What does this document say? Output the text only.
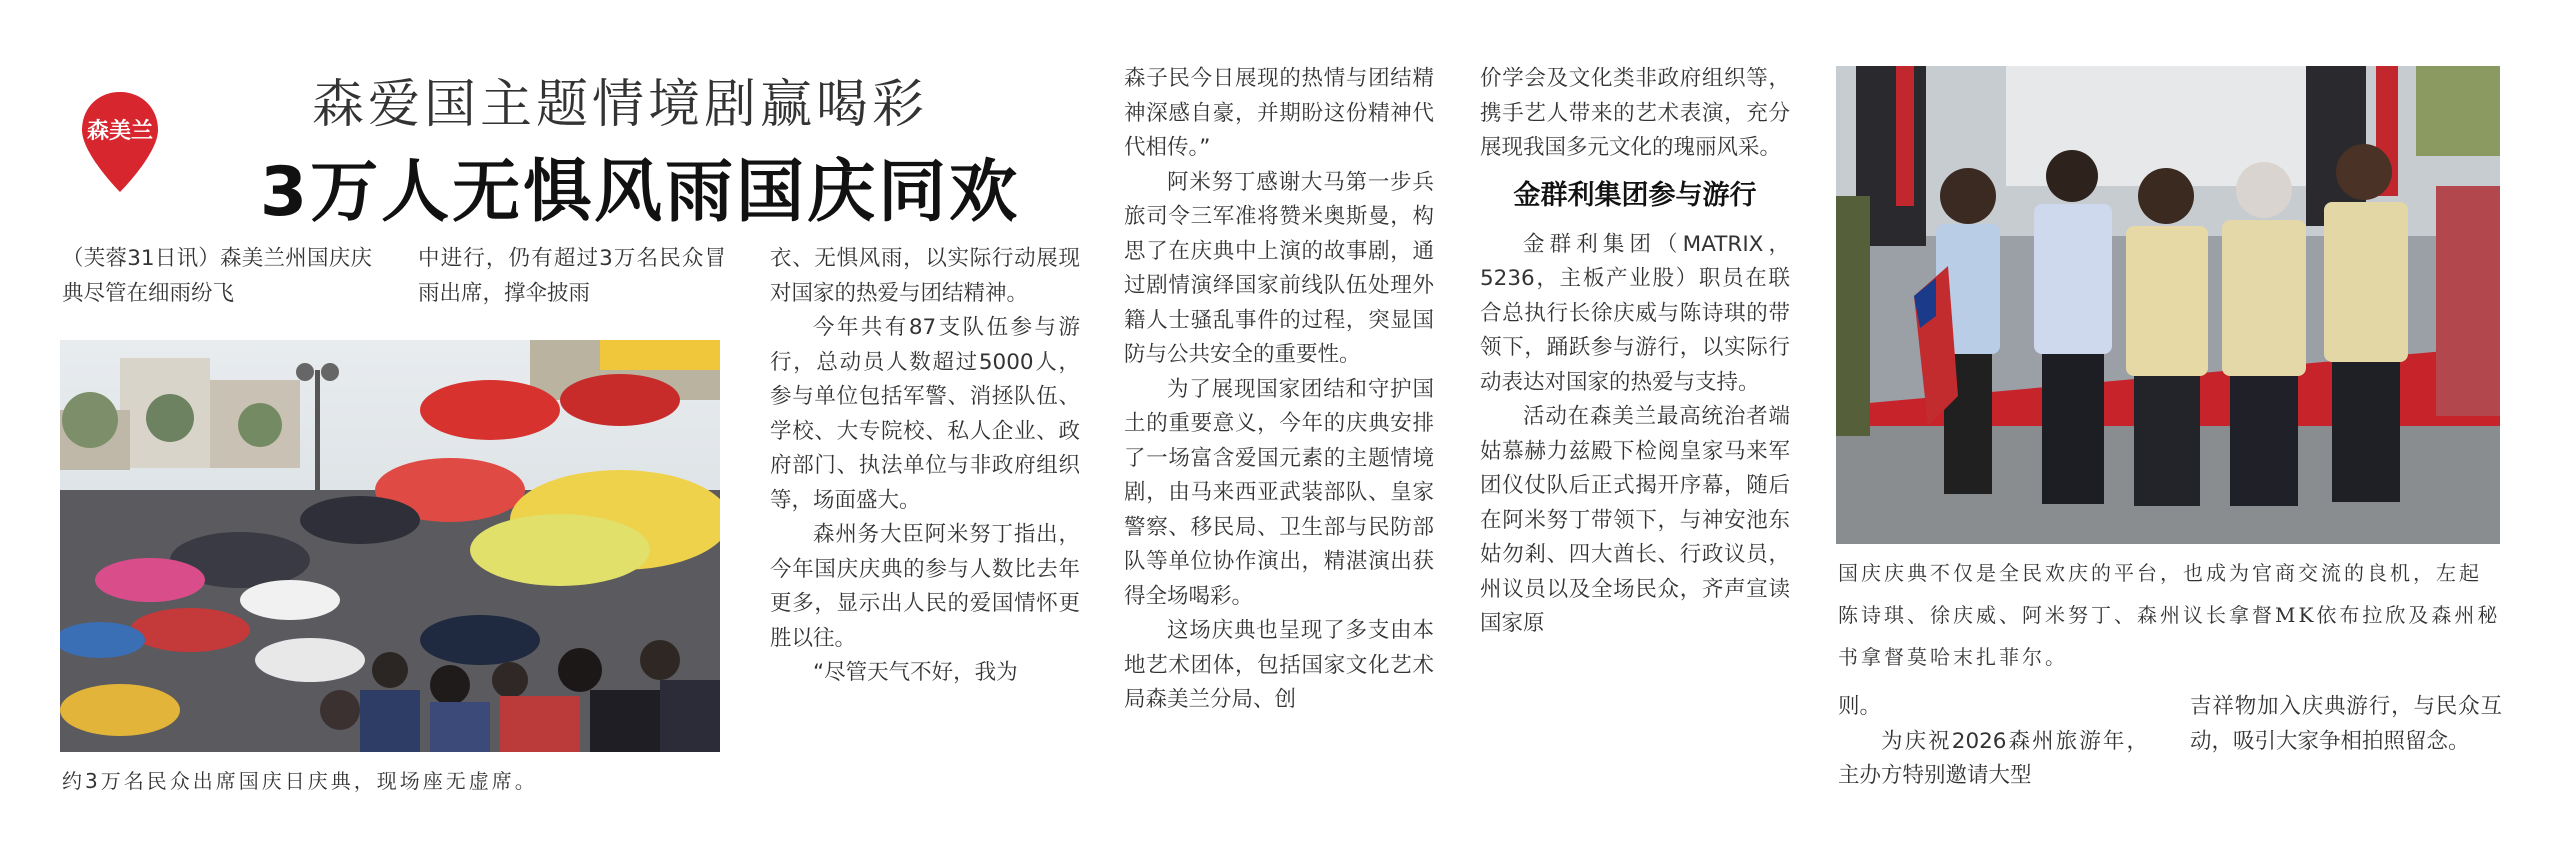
森美兰	森爱国主题情境剧赢喝彩
3万人无惧风雨国庆同欢

（芙蓉31日讯）森美兰州国庆庆典尽管在细雨纷飞

中进行，仍有超过3万名民众冒雨出席，撑伞披雨

约3万名民众出席国庆日庆典，现场座无虚席。

衣、无惧风雨，以实际行动展现对国家的热爱与团结精神。

今年共有87支队伍参与游行，总动员人数超过5000人，参与单位包括军警、消拯队伍、学校、大专院校、私人企业、政府部门、执法单位与非政府组织等，场面盛大。

森州务大臣阿米努丁指出，今年国庆庆典的参与人数比去年更多，显示出人民的爱国情怀更胜以往。

“尽管天气不好，我为

森子民今日展现的热情与团结精神深感自豪，并期盼这份精神代代相传。”

阿米努丁感谢大马第一步兵旅司令三军准将赞米奥斯曼，构思了在庆典中上演的故事剧，通过剧情演绎国家前线队伍处理外籍人士骚乱事件的过程，突显国防与公共安全的重要性。

为了展现国家团结和守护国土的重要意义，今年的庆典安排了一场富含爱国元素的主题情境剧，由马来西亚武装部队、皇家警察、移民局、卫生部与民防部队等单位协作演出，精湛演出获得全场喝彩。

这场庆典也呈现了多支由本地艺术团体，包括国家文化艺术局森美兰分局、创

价学会及文化类非政府组织等，携手艺人带来的艺术表演，充分展现我国多元文化的瑰丽风采。

金群利集团参与游行

金群利集团（MATRIX，5236，主板产业股）职员在联合总执行长徐庆威与陈诗琪的带领下，踊跃参与游行，以实际行动表达对国家的热爱与支持。

活动在森美兰最高统治者端姑慕赫力兹殿下检阅皇家马来军团仪仗队后正式揭开序幕，随后在阿米努丁带领下，与神安池东姑勿剎、四大酋长、行政议员，州议员以及全场民众，齐声宣读国家原

国庆庆典不仅是全民欢庆的平台，也成为官商交流的良机，左起陈诗琪、徐庆威、阿米努丁、森州议长拿督MK依布拉欣及森州秘书拿督莫哈末扎菲尔。

则。

为庆祝2026森州旅游年，主办方特别邀请大型

吉祥物加入庆典游行，与民众互动，吸引大家争相拍照留念。
